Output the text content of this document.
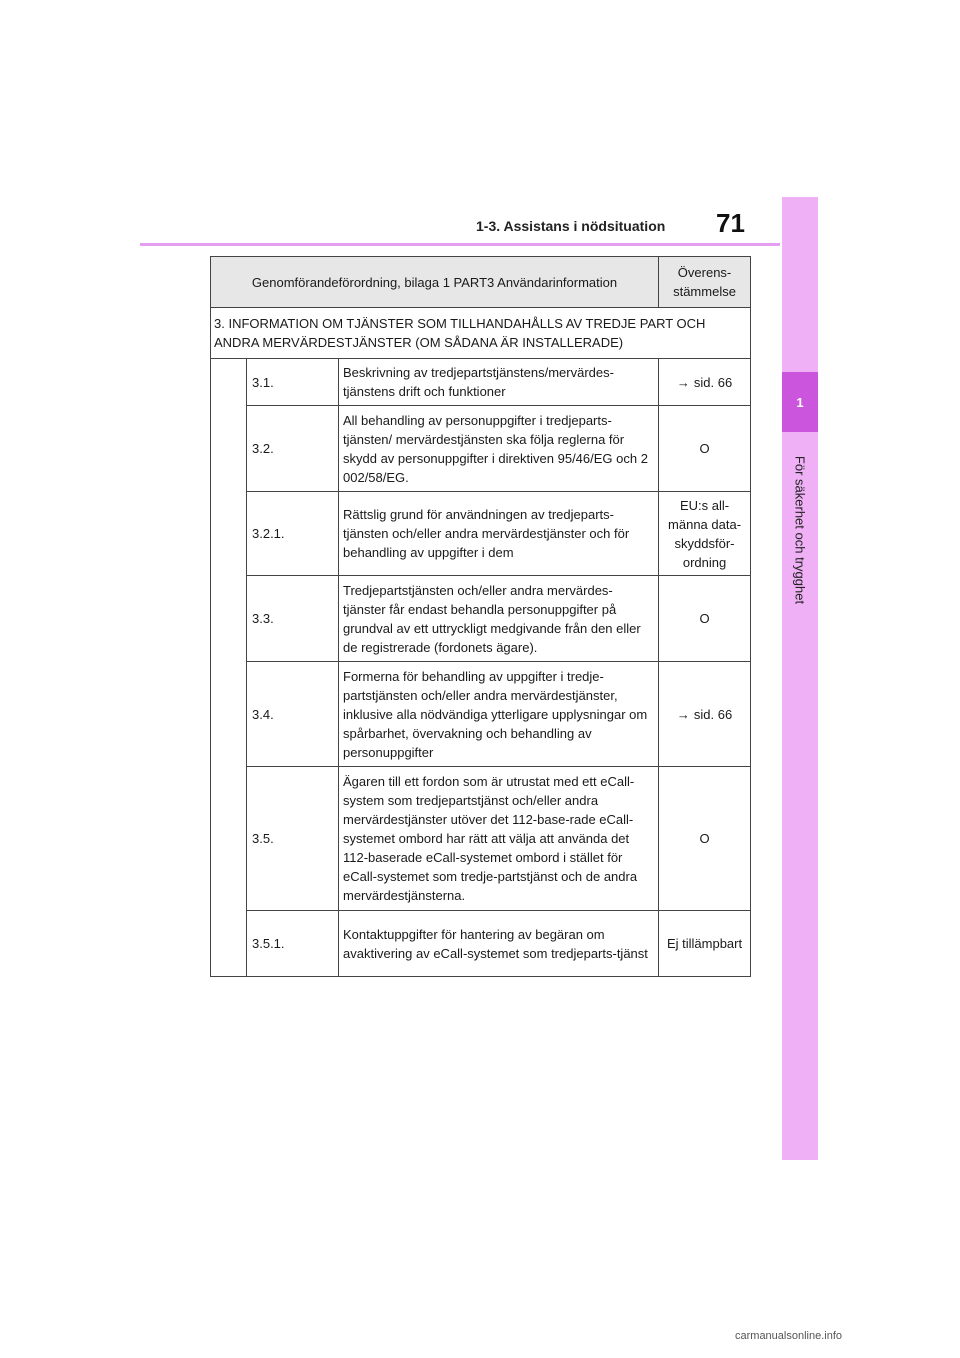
1-3. Assistans i nödsituation 71
1
För säkerhet och trygghet
Genomförandeförordning, bilaga 1 PART3 Användarinformation			Överens-stämmelse
3. INFORMATION OM TJÄNSTER SOM TILLHANDAHÅLLS AV TREDJE PART OCH ANDRA MERVÄRDESTJÄNSTER (OM SÅDANA ÄR INSTALLERADE)			
	3.1.	Beskrivning av tredjepartstjänstens/mervärdes-tjänstens drift och funktioner	→ sid. 66
	3.2.	All behandling av personuppgifter i tredjeparts-tjänsten/ mervärdestjänsten ska följa reglerna för skydd av personuppgifter i direktiven 95/46/EG och 2 002/58/EG.	O
	3.2.1.	Rättslig grund för användningen av tredjeparts-tjänsten och/eller andra mervärdestjänster och för behandling av uppgifter i dem	EU:s all-männa data-skyddsför-ordning
	3.3.	Tredjepartstjänsten och/eller andra mervärdes-tjänster får endast behandla personuppgifter på grundval av ett uttryckligt medgivande från den eller de registrerade (fordonets ägare).	O
	3.4.	Formerna för behandling av uppgifter i tredje-partstjänsten och/eller andra mervärdestjänster, inklusive alla nödvändiga ytterligare upplysningar om spårbarhet, övervakning och behandling av personuppgifter	→ sid. 66
	3.5.	Ägaren till ett fordon som är utrustat med ett eCall-system som tredjepartstjänst och/eller andra mervärdestjänster utöver det 112-base-rade eCall-systemet ombord har rätt att välja att använda det 112-baserade eCall-systemet ombord i stället för eCall-systemet som tredje-partstjänst och de andra mervärdestjänsterna.	O
	3.5.1.	Kontaktuppgifter för hantering av begäran om avaktivering av eCall-systemet som tredjeparts-tjänst	Ej tillämpbart
carmanualsonline.info
